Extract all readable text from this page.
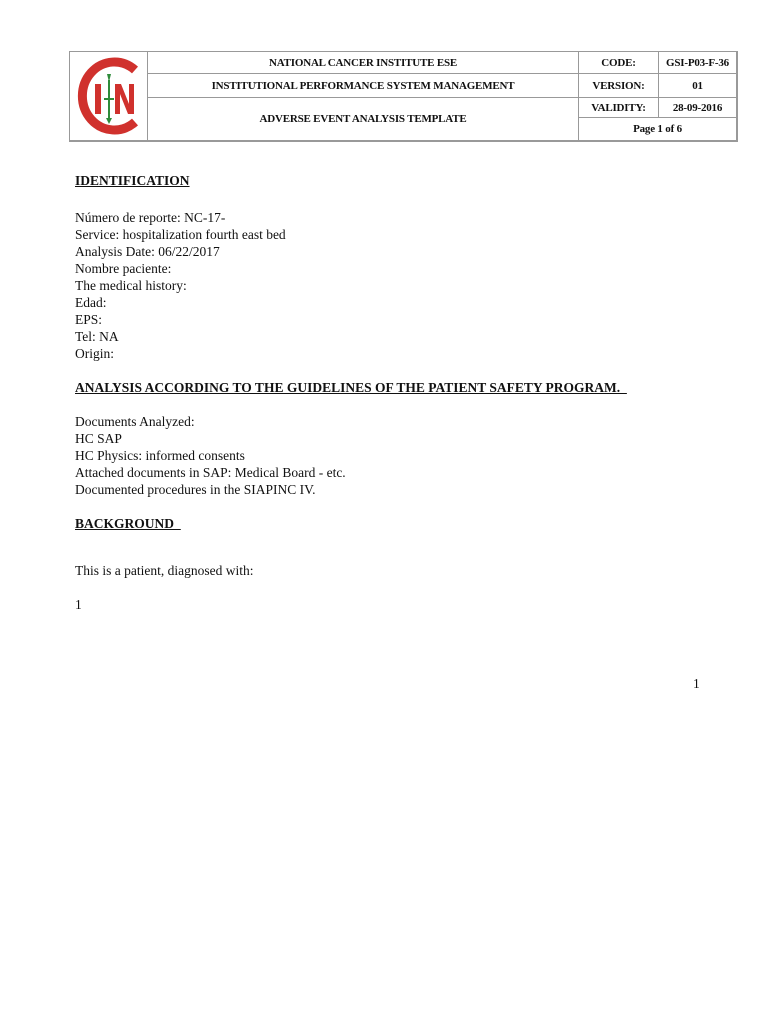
NATIONAL CANCER INSTITUTE ESE
INSTITUTIONAL PERFORMANCE SYSTEM MANAGEMENT
ADVERSE EVENT ANALYSIS TEMPLATE
CODE:	GSI-P03-F-36
VERSION:	01
VALIDITY:	28-09-2016
Page 1 of 6
IDENTIFICATION
Número de reporte: NC-17-
Service: hospitalization fourth east bed
Analysis Date: 06/22/2017
Nombre paciente:
The medical history:
Edad:
EPS:
Tel: NA
Origin:
ANALYSIS ACCORDING TO THE GUIDELINES OF THE PATIENT SAFETY PROGRAM.
Documents Analyzed:
HC SAP
HC Physics: informed consents
Attached documents in SAP: Medical Board - etc.
Documented procedures in the SIAPINC IV.
BACKGROUND
This is a patient, diagnosed with:
1
1
